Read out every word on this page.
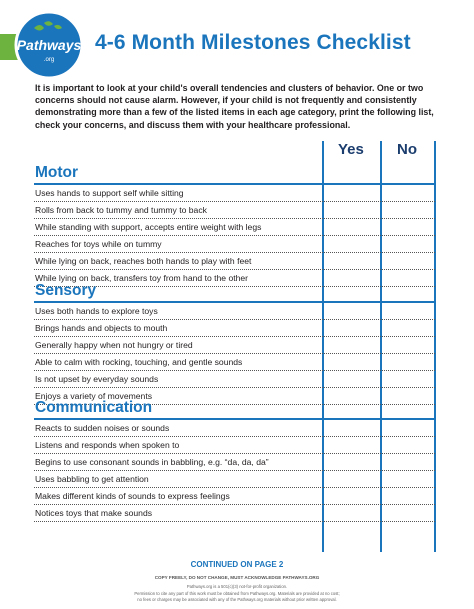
4-6 Month Milestones Checklist
Pathways
.org
It is important to look at your child's overall tendencies and clusters of behavior. One or two concerns should not cause alarm. However, if your child is not frequently and consistently demonstrating more than a few of the listed items in each age category, print the following list, check your concerns, and discuss them with your healthcare professional.
Yes No
Motor
Uses hands to support self while sitting
Rolls from back to tummy and tummy to back
While standing with support, accepts entire weight with legs
Reaches for toys while on tummy
While lying on back, reaches both hands to play with feet
While lying on back, transfers toy from hand to the other
Sensory
Uses both hands to explore toys
Brings hands and objects to mouth
Generally happy when not hungry or tired
Able to calm with rocking, touching, and gentle sounds
Is not upset by everyday sounds
Enjoys a variety of movements
Communication
Reacts to sudden noises or sounds
Listens and responds when spoken to
Begins to use consonant sounds in babbling, e.g. “da, da, da”
Uses babbling to get attention
Makes different kinds of sounds to express feelings
Notices toys that make sounds
CONTINUED ON PAGE 2
COPY FREELY, DO NOT CHANGE, MUST ACKNOWLEDGE PATHWAYS.ORG
Pathways.org is a 501(c)(3) not-for-profit organization.
Permission to cite any part of this work must be obtained from Pathways.org. Materials are provided at no cost;
no fees or charges may be associated with any of the Pathways.org materials without prior written approval.
